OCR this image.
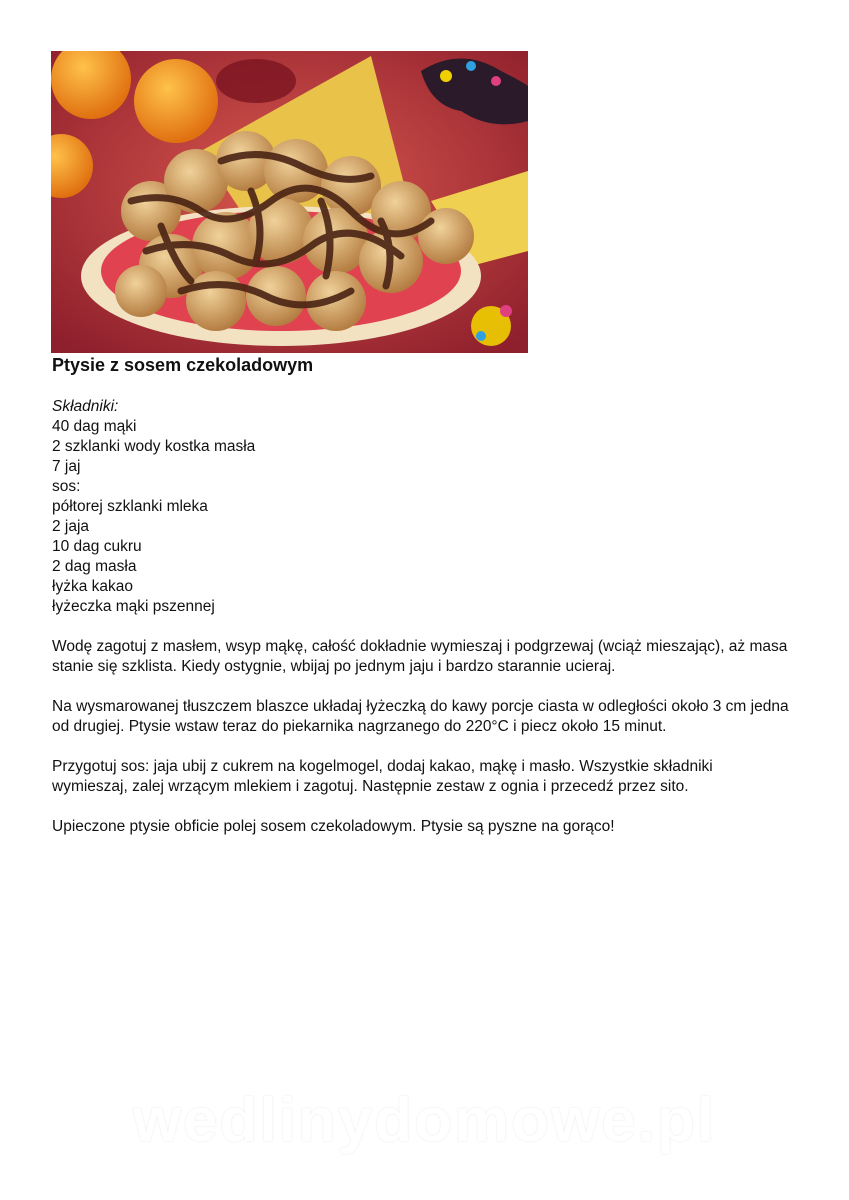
Ptysie z sosem czekoladowym
Składniki:
40 dag mąki
2 szklanki wody kostka masła
7 jaj
sos:
półtorej szklanki mleka
2 jaja
10 dag cukru
2 dag masła
łyżka kakao
łyżeczka mąki pszennej

Wodę zagotuj z masłem, wsyp mąkę, całość dokładnie wymieszaj i podgrzewaj (wciąż mieszając), aż masa stanie się szklista. Kiedy ostygnie, wbijaj po jednym jaju i bardzo starannie ucieraj.

Na wysmarowanej tłuszczem blaszce układaj łyżeczką do kawy porcje ciasta w odległości około 3 cm jedna od drugiej. Ptysie wstaw teraz do piekarnika nagrzanego do 220°C i piecz około 15 minut.

Przygotuj sos: jaja ubij z cukrem na kogelmogel, dodaj kakao, mąkę i masło. Wszystkie składniki wymieszaj, zalej wrzącym mlekiem i zagotuj. Następnie zestaw z ognia i przecedź przez sito.

Upieczone ptysie obficie polej sosem czekoladowym. Ptysie są pyszne na gorąco!

wedlinydomowe.pl
